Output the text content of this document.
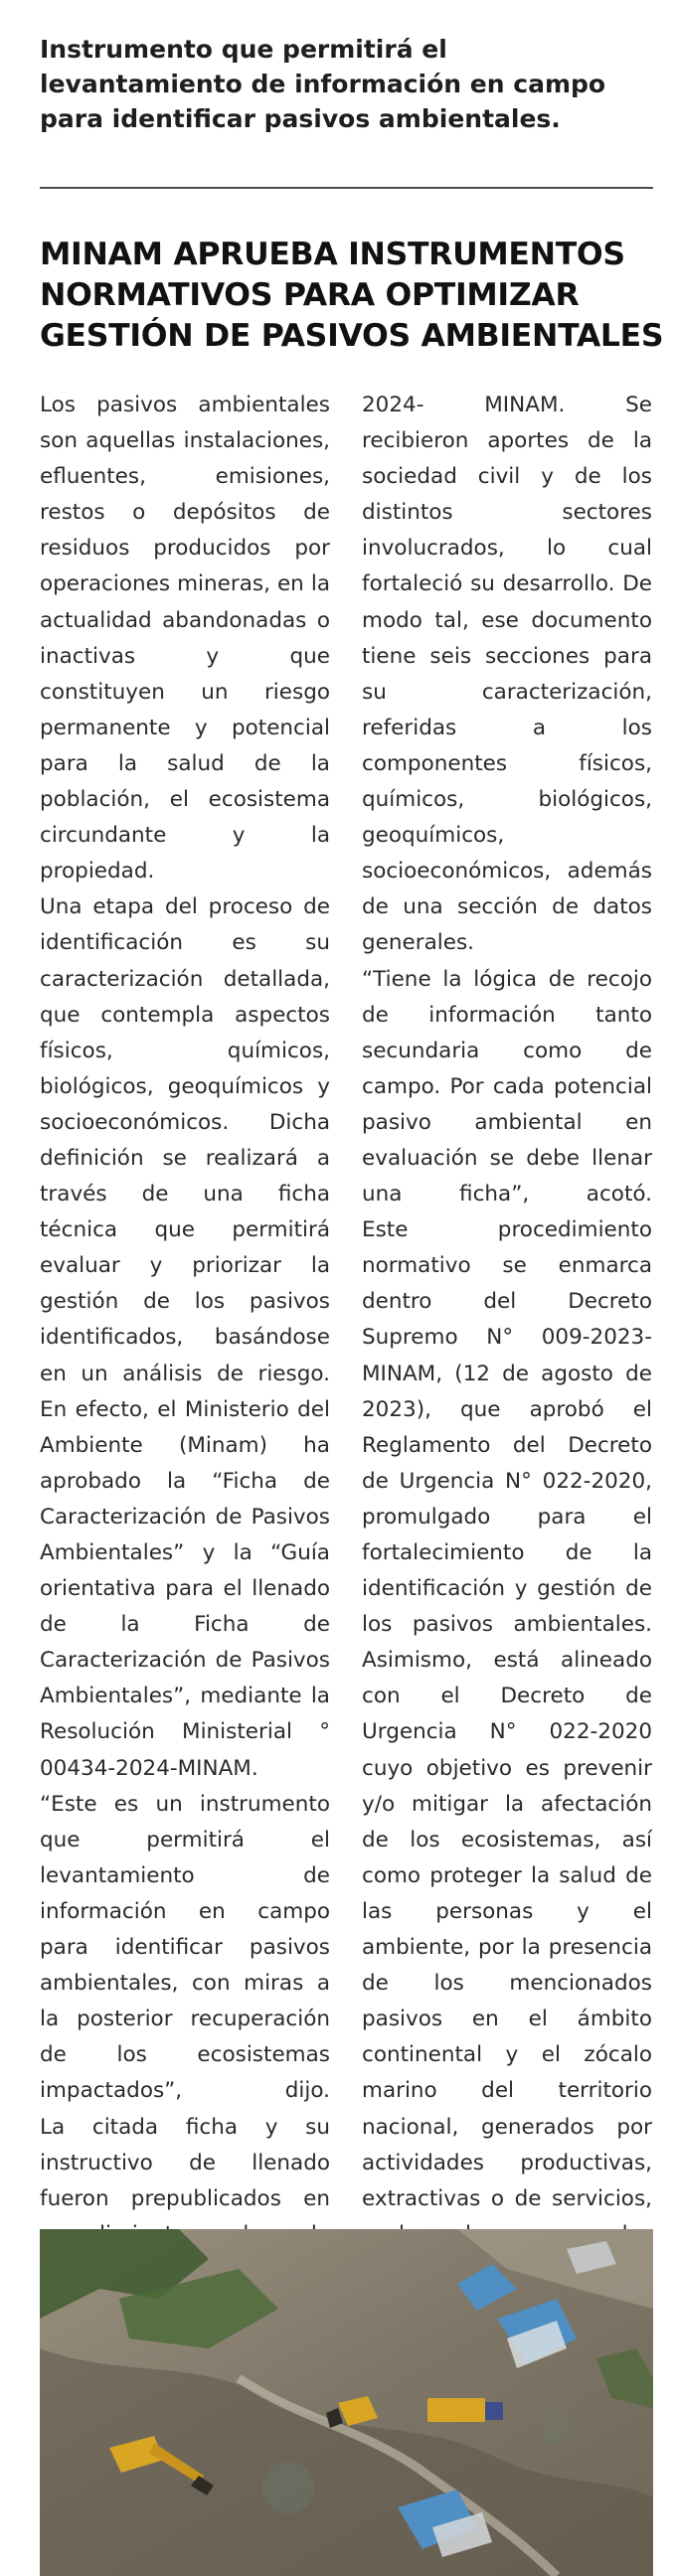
Instrumento que permitirá el levantamiento de información en campo para identificar pasivos ambientales.
MINAM APRUEBA INSTRUMENTOS NORMATIVOS PARA OPTIMIZAR GESTIÓN DE PASIVOS AMBIENTALES

Los pasivos ambientales son aquellas instalaciones, efluentes, emisiones, restos o depósitos de residuos producidos por operaciones mineras, en la actualidad abandonadas o inactivas y que constituyen un riesgo permanente y potencial para la salud de la población, el ecosistema circundante y la propiedad.

Una etapa del proceso de identificación es su caracterización detallada, que contempla aspectos físicos, químicos, biológicos, geoquímicos y socioeconómicos. Dicha definición se realizará a través de una ficha técnica que permitirá evaluar y priorizar la gestión de los pasivos identificados, basándose en un análisis de riesgo.

En efecto, el Ministerio del Ambiente (Minam) ha aprobado la “Ficha de Caracterización de Pasivos Ambientales” y la “Guía orientativa para el llenado de la Ficha de Caracterización de Pasivos Ambientales”, mediante la Resolución Ministerial ° 00434-2024-MINAM.

“Este es un instrumento que permitirá el levantamiento de información en campo para identificar pasivos ambientales, con miras a la posterior recuperación de los ecosistemas impactados”, dijo.

La citada ficha y su instructivo de llenado fueron prepublicados en

2024- MINAM. Se recibieron aportes de la sociedad civil y de los distintos sectores involucrados, lo cual fortaleció su desarrollo. De modo tal, ese documento tiene seis secciones para su caracterización, referidas a los componentes físicos, químicos, biológicos, geoquímicos, socioeconómicos, además de una sección de datos generales.

“Tiene la lógica de recojo de información tanto secundaria como de campo. Por cada potencial pasivo ambiental en evaluación se debe llenar una ficha”, acotó.

Este procedimiento normativo se enmarca dentro del Decreto Supremo N° 009-2023-MINAM, (12 de agosto de 2023), que aprobó el Reglamento del Decreto de Urgencia N° 022-2020, promulgado para el fortalecimiento de la identificación y gestión de los pasivos ambientales.

Asimismo, está alineado con el Decreto de Urgencia N° 022-2020 cuyo objetivo es prevenir y/o mitigar la afectación de los ecosistemas, así como proteger la salud de las personas y el ambiente, por la presencia de los mencionados pasivos en el ámbito continental y el zócalo marino del territorio nacional, generados por actividades productivas, extractivas o de servicios,
